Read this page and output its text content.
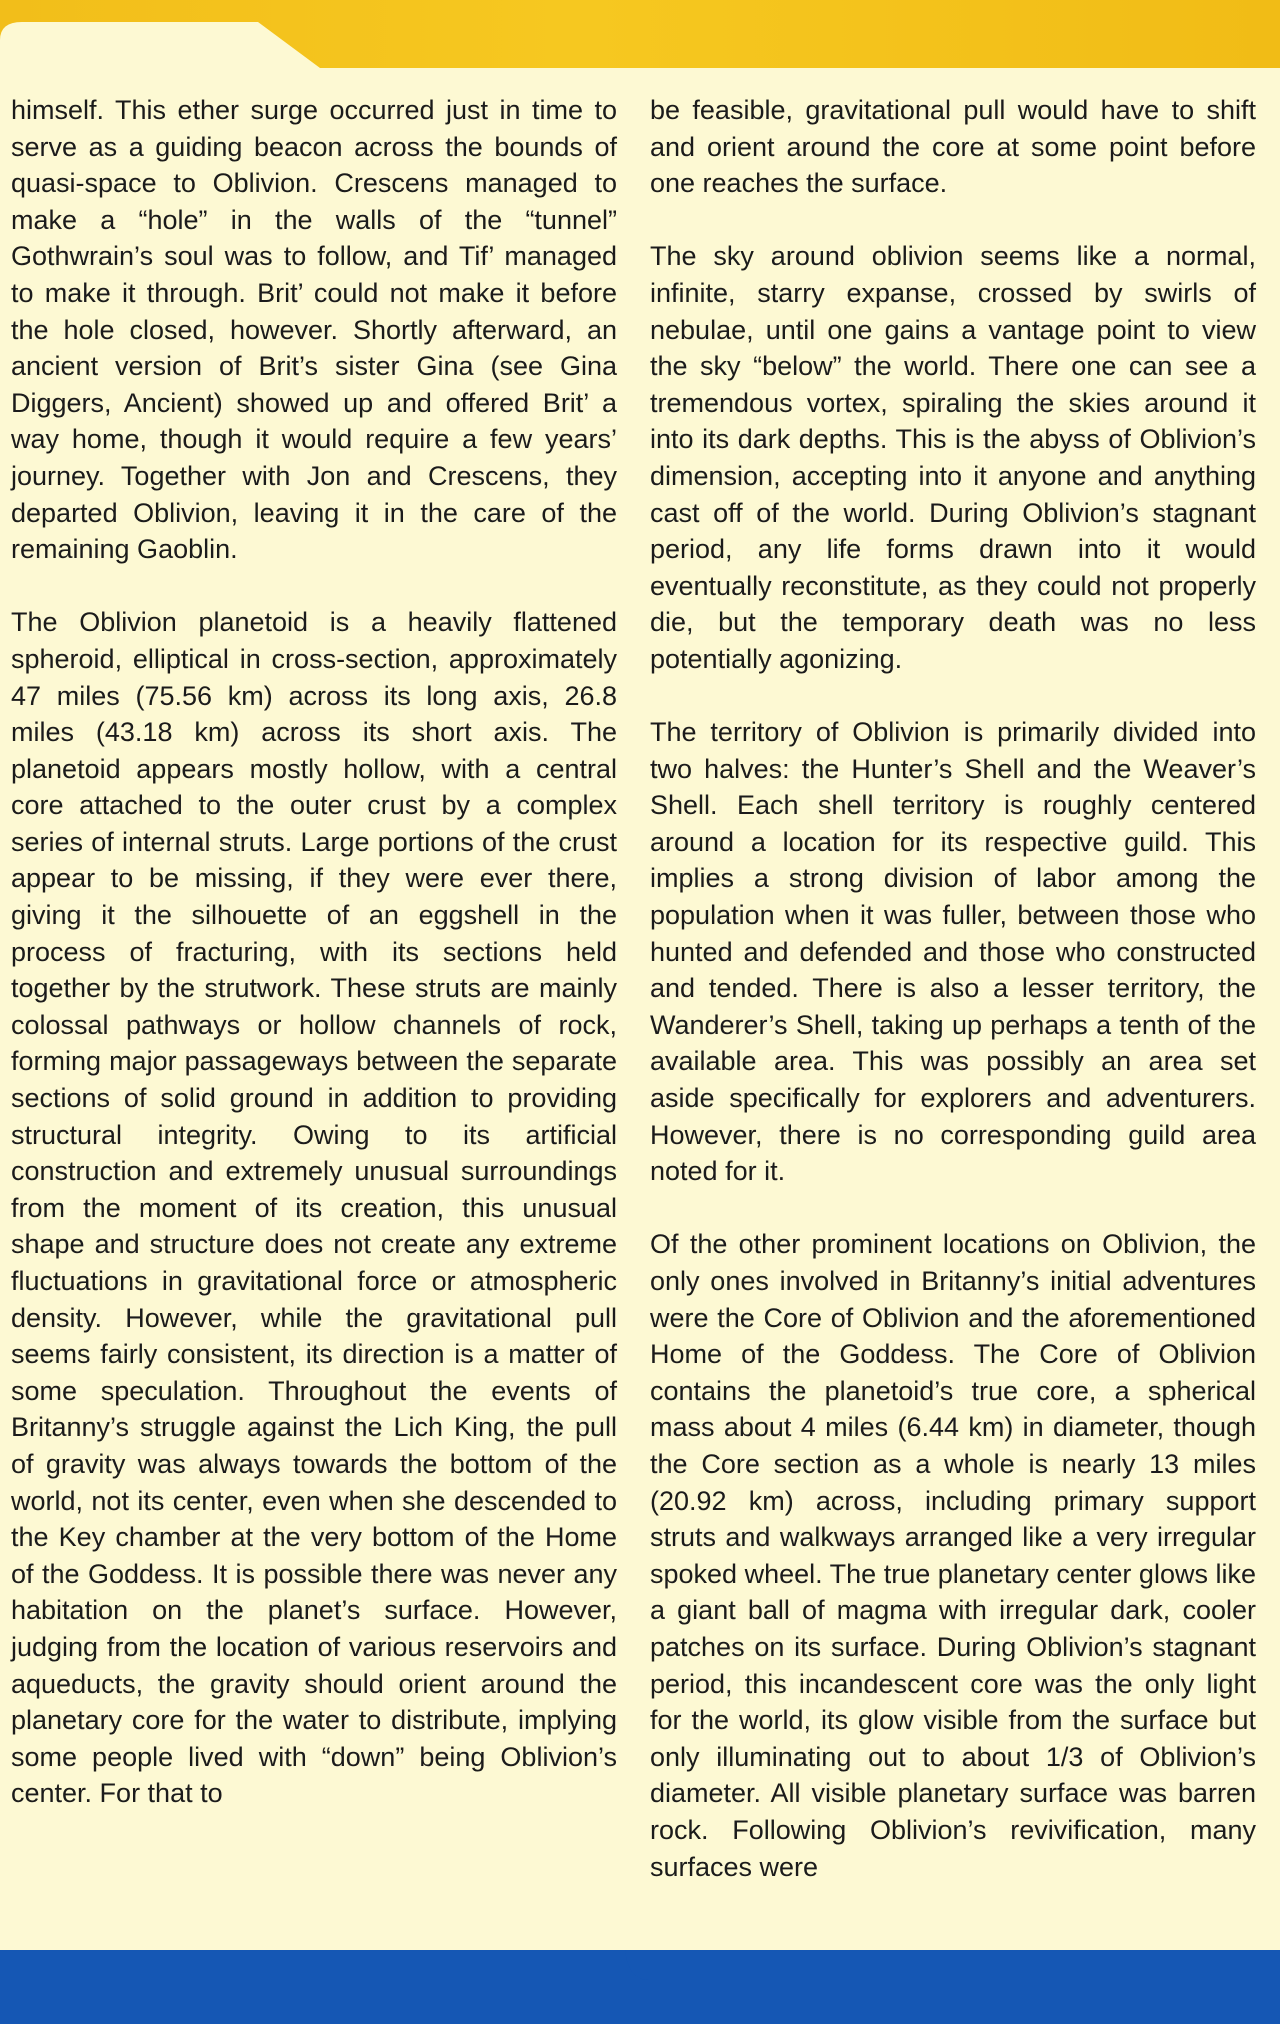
himself. This ether surge occurred just in time to serve as a guiding beacon across the bounds of quasi-space to Oblivion. Crescens managed to make a “hole” in the walls of the “tunnel” Gothwrain’s soul was to follow, and Tif’ managed to make it through. Brit’ could not make it before the hole closed, however. Shortly afterward, an ancient version of Brit’s sister Gina (see Gina Diggers, Ancient) showed up and offered Brit’ a way home, though it would require a few years’ journey. Together with Jon and Crescens, they departed Oblivion, leaving it in the care of the remaining Gaoblin.

The Oblivion planetoid is a heavily flattened spheroid, elliptical in cross-section, approximately 47 miles (75.56 km) across its long axis, 26.8 miles (43.18 km) across its short axis. The planetoid appears mostly hollow, with a central core attached to the outer crust by a complex series of internal struts. Large portions of the crust appear to be missing, if they were ever there, giving it the silhouette of an eggshell in the process of fracturing, with its sections held together by the strutwork. These struts are mainly colossal pathways or hollow channels of rock, forming major passageways between the separate sections of solid ground in addition to providing structural integrity. Owing to its artificial construction and extremely unusual surroundings from the moment of its creation, this unusual shape and structure does not create any extreme fluctuations in gravitational force or atmospheric density. However, while the gravitational pull seems fairly consistent, its direction is a matter of some speculation. Throughout the events of Britanny’s struggle against the Lich King, the pull of gravity was always towards the bottom of the world, not its center, even when she descended to the Key chamber at the very bottom of the Home of the Goddess. It is possible there was never any habitation on the planet’s surface. However, judging from the location of various reservoirs and aqueducts, the gravity should orient around the planetary core for the water to distribute, implying some people lived with “down” being Oblivion’s center. For that to

be feasible, gravitational pull would have to shift and orient around the core at some point before one reaches the surface.

The sky around oblivion seems like a normal, infinite, starry expanse, crossed by swirls of nebulae, until one gains a vantage point to view the sky “below” the world. There one can see a tremendous vortex, spiraling the skies around it into its dark depths. This is the abyss of Oblivion’s dimension, accepting into it anyone and anything cast off of the world. During Oblivion’s stagnant period, any life forms drawn into it would eventually reconstitute, as they could not properly die, but the temporary death was no less potentially agonizing.

The territory of Oblivion is primarily divided into two halves: the Hunter’s Shell and the Weaver’s Shell. Each shell territory is roughly centered around a location for its respective guild. This implies a strong division of labor among the population when it was fuller, between those who hunted and defended and those who constructed and tended. There is also a lesser territory, the Wanderer’s Shell, taking up perhaps a tenth of the available area. This was possibly an area set aside specifically for explorers and adventurers. However, there is no corresponding guild area noted for it.

Of the other prominent locations on Oblivion, the only ones involved in Britanny’s initial adventures were the Core of Oblivion and the aforementioned Home of the Goddess. The Core of Oblivion contains the planetoid’s true core, a spherical mass about 4 miles (6.44 km) in diameter, though the Core section as a whole is nearly 13 miles (20.92 km) across, including primary support struts and walkways arranged like a very irregular spoked wheel. The true planetary center glows like a giant ball of magma with irregular dark, cooler patches on its surface. During Oblivion’s stagnant period, this incandescent core was the only light for the world, its glow visible from the surface but only illuminating out to about 1/3 of Oblivion’s diameter. All visible planetary surface was barren rock. Following Oblivion’s revivification, many surfaces were
